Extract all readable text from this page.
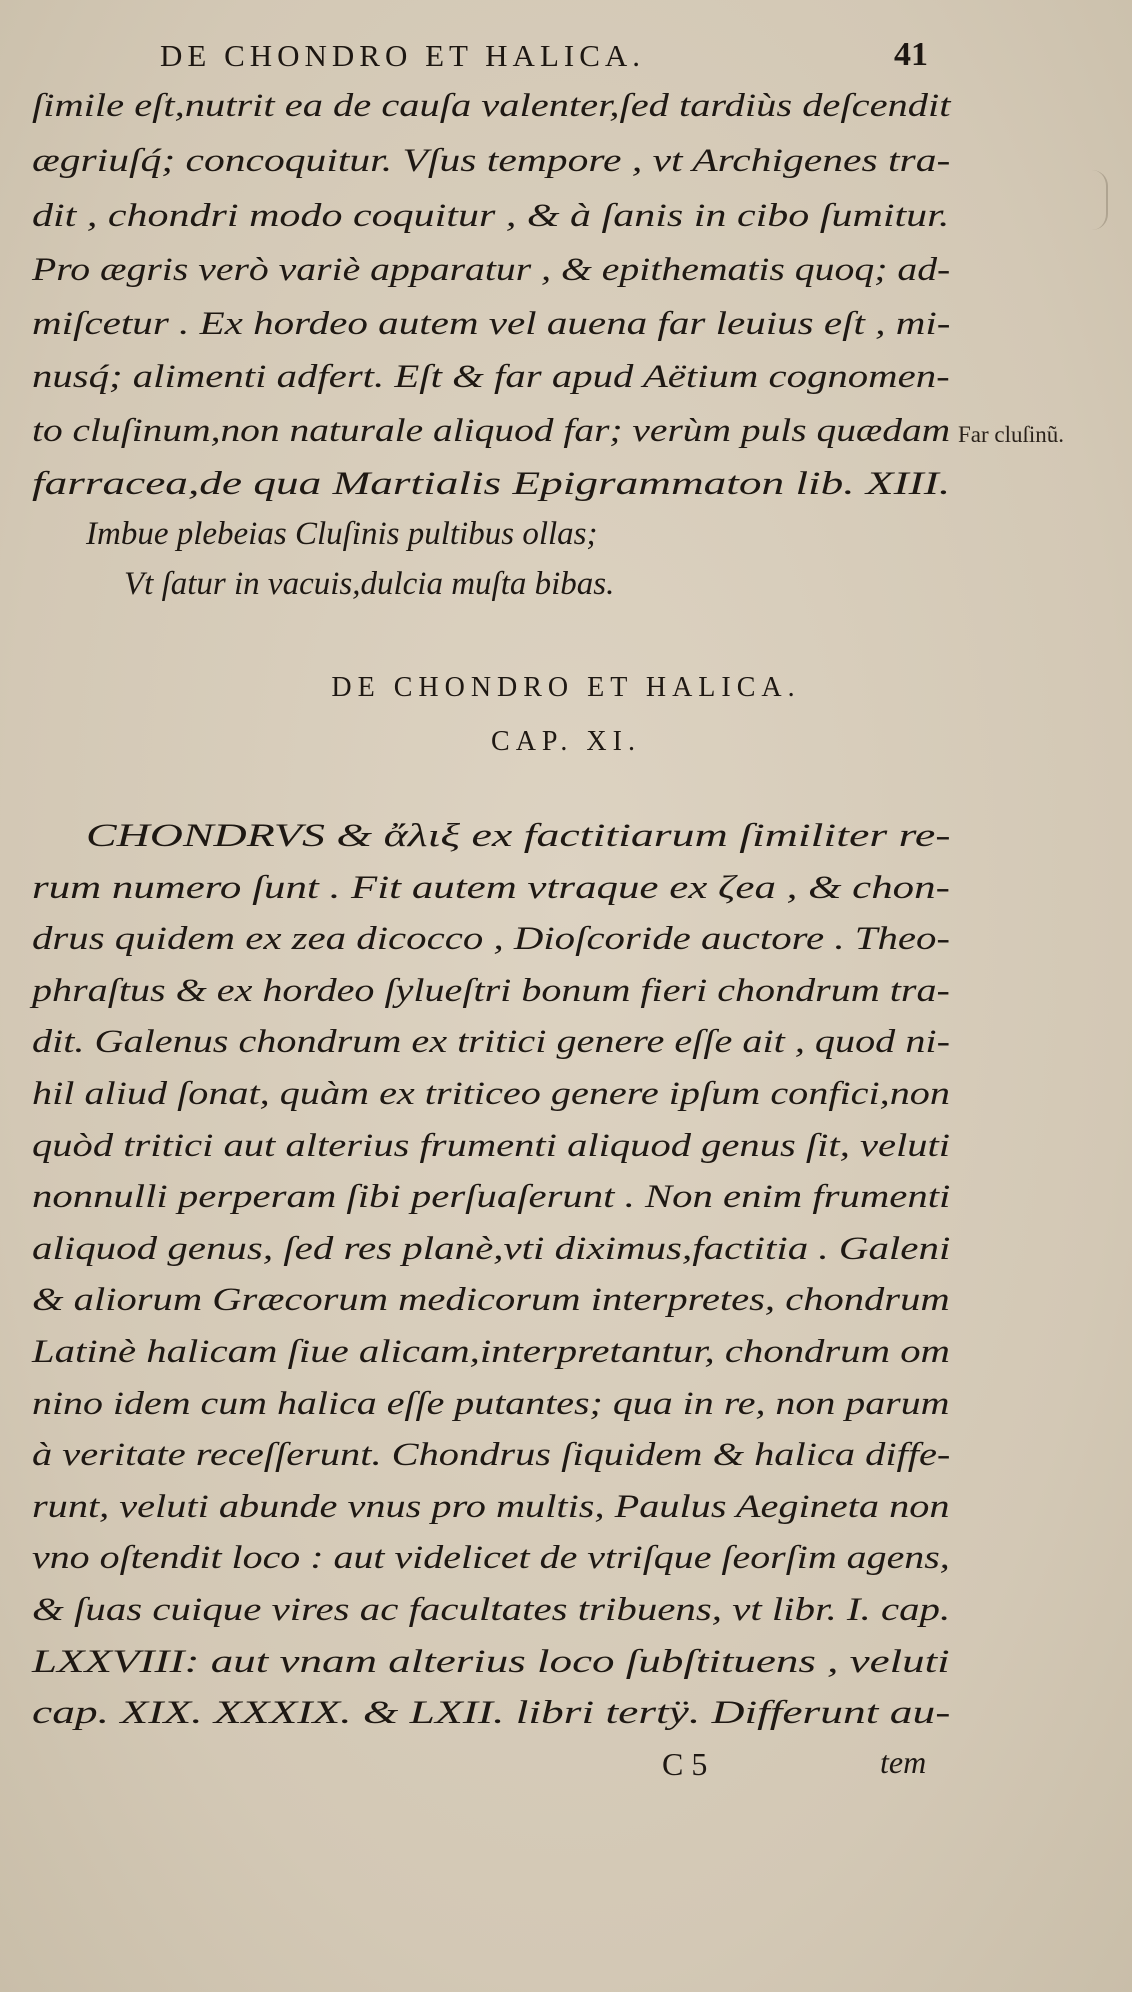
DE CHONDRO ET HALICA.	41
ſimile eſt,nutrit ea de cauſa valenter,ſed tardiùs deſcendit
ægriuſq́; concoquitur. Vſus tempore , vt Archigenes tra-
dit , chondri modo coquitur , & à ſanis in cibo ſumitur.
Pro ægris verò variè apparatur , & epithematis quoq; ad-
miſcetur . Ex hordeo autem vel auena far leuius eſt , mi-
nusq́; alimenti adfert. Eſt & far apud Aëtium cognomen-
to cluſinum,non naturale aliquod far; verùm puls quædam
farracea,de qua Martialis Epigrammaton lib. XIII.
Far cluſinũ.
Imbue plebeias Cluſinis pultibus ollas;
Vt ſatur in vacuis,dulcia muſta bibas.
DE CHONDRO ET HALICA.
CAP. XI.
CHONDRVS & ἄλιξ ex factitiarum ſimiliter re-
rum numero ſunt . Fit autem vtraque ex ζea , & chon-
drus quidem ex zea dicocco , Dioſcoride auctore . Theo-
phraſtus & ex hordeo ſylueſtri bonum fieri chondrum tra-
dit. Galenus chondrum ex tritici genere eſſe ait , quod ni-
hil aliud ſonat, quàm ex triticeo genere ipſum confici,non
quòd tritici aut alterius frumenti aliquod genus ſit, veluti
nonnulli perperam ſibi perſuaſerunt . Non enim frumenti
aliquod genus, ſed res planè,vti diximus,factitia . Galeni
& aliorum Græcorum medicorum interpretes, chondrum
Latinè halicam ſiue alicam,interpretantur, chondrum om
nino idem cum halica eſſe putantes; qua in re, non parum
à veritate receſſerunt. Chondrus ſiquidem & halica diffe-
runt, veluti abunde vnus pro multis, Paulus Aegineta non
vno oſtendit loco : aut videlicet de vtriſque ſeorſim agens,
& ſuas cuique vires ac facultates tribuens, vt libr. I. cap.
LXXVIII: aut vnam alterius loco ſubſtituens , veluti
C 5	tem
cap. XIX. XXXIX. & LXII. libri tertÿ. Differunt au-
